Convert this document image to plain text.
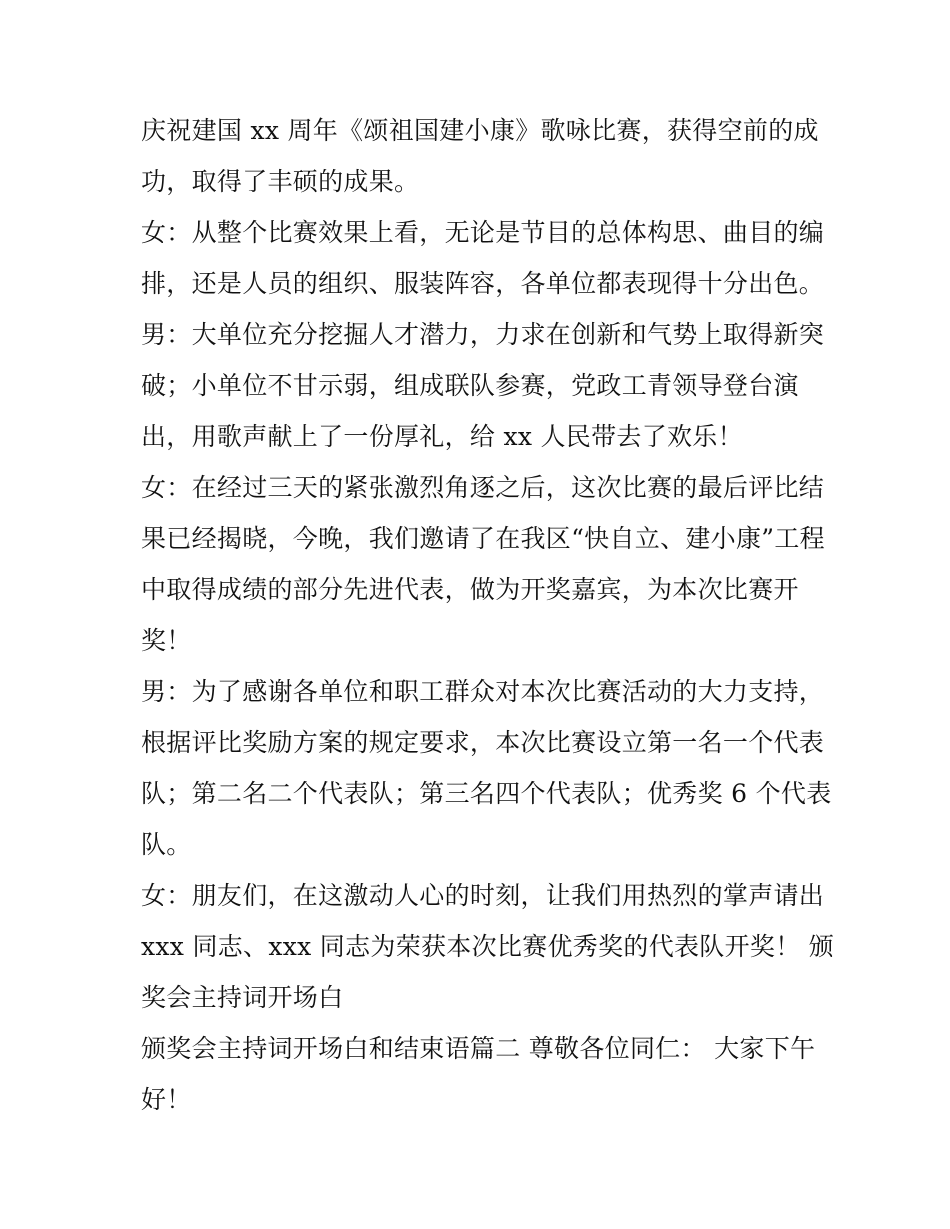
庆祝建国 xx 周年《颂祖国建小康》歌咏比赛，获得空前的成
功，取得了丰硕的成果。
女：从整个比赛效果上看，无论是节目的总体构思、曲目的编
排，还是人员的组织、服装阵容，各单位都表现得十分出色。
男：大单位充分挖掘人才潜力，力求在创新和气势上取得新突
破；小单位不甘示弱，组成联队参赛，党政工青领导登台演
出，用歌声献上了一份厚礼，给 xx 人民带去了欢乐！
女：在经过三天的紧张激烈角逐之后，这次比赛的最后评比结
果已经揭晓，今晚，我们邀请了在我区“快自立、建小康”工程
中取得成绩的部分先进代表，做为开奖嘉宾，为本次比赛开
奖！
男：为了感谢各单位和职工群众对本次比赛活动的大力支持，
根据评比奖励方案的规定要求，本次比赛设立第一名一个代表
队；第二名二个代表队；第三名四个代表队；优秀奖 6 个代表
队。
女：朋友们，在这激动人心的时刻，让我们用热烈的掌声请出
xxx 同志、xxx 同志为荣获本次比赛优秀奖的代表队开奖！ 颁
奖会主持词开场白
颁奖会主持词开场白和结束语篇二 尊敬各位同仁： 大家下午
好！
